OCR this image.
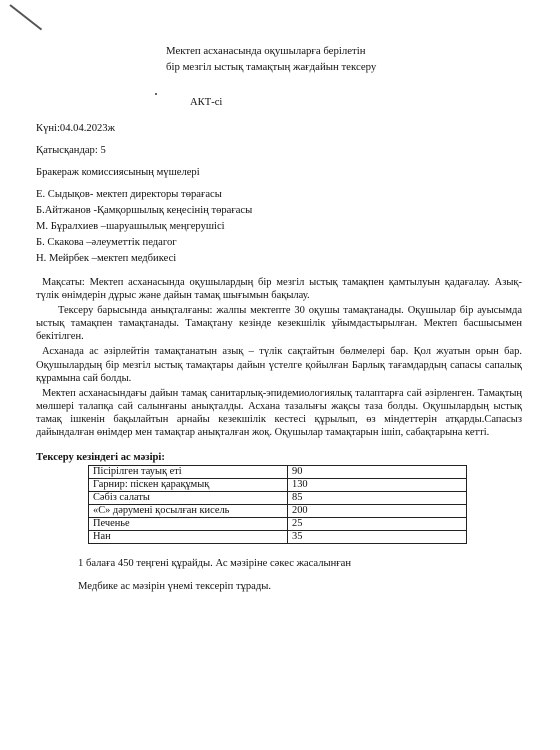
Мектеп асханасында оқушыларға берілетін
бір мезгіл ыстық тамақтың жағдайын тексеру
АКТ-сі
Күні:04.04.2023ж
Қатысқандар: 5
Бракераж комиссиясының мүшелері
Е. Сыдықов- мектеп директоры төрағасы
Б.Айтжанов -Қамқоршылық кеңесінің төрағасы
М. Бұралхиев –шаруашылық меңгерушісі
Б. Скакова –әлеуметтік педагог
Н. Мейрбек –мектеп медбикесі

Мақсаты: Мектеп асханасында оқушылардың бір мезгіл ыстық тамақпен қамтылуын қадағалау. Азық- түлік өнімдерін дұрыс және дайын тамақ шығымын бақылау.

Тексеру барысында анықталғаны: жалпы мектепте 30 оқушы тамақтанады. Оқушылар бір ауысымда ыстық тамақпен тамақтанады. Тамақтану кезінде кезекшілік ұйымдастырылған. Мектеп басшысымен бекітілген.

Асханада ас әзірлейтін тамақтанатын азық – түлік сақтайтын бөлмелері бар. Қол жуатын орын бар. Оқушылардың бір мезгіл ыстық тамақтары дайын үстелге қойылған Барлық тағамдардың сапасы сапалық құрамына сай болды.

Мектеп асханасындағы дайын тамақ санитарлық-эпидемиологиялық талаптарға сай әзірленген. Тамақтың мөлшері талапқа сай салынғаны анықталды. Асхана тазалығы жақсы таза болды. Оқушылардың ыстық тамақ ішкенін бақылайтын арнайы кезекшілік кестесі құрылып, өз міндеттерін атқарды.Сапасыз дайындалған өнімдер мен тамақтар анықталған жоқ. Оқушылар тамақтарын ішіп, сабақтарына кетті.

Тексеру кезіндегі ас мәзірі:
Пісірілген тауық еті	90
Гарнир: піскен қарақұмық	130
Сәбіз салаты	85
«С» дәрумені қосылған кисель	200
Печенье	25
Нан	35
1 балаға 450 теңгені құрайды. Ас мәзіріне сәкес жасалынған
Медбике ас мәзірін үнемі тексеріп тұрады.
